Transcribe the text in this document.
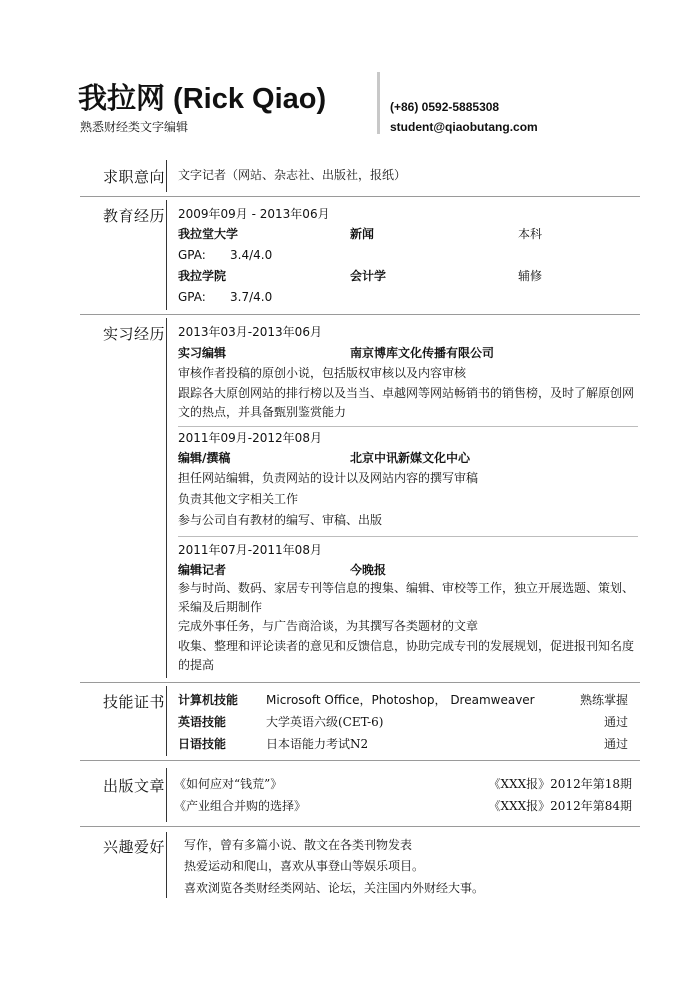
我拉网 (Rick Qiao)
熟悉财经类文字编辑
(+86) 0592-5885308
student@qiaobutang.com
求职意向 文字记者（网站、杂志社、出版社，报纸）
教育经历 2009年09月 - 2013年06月
我拉堂大学	新闻	本科
GPA: 3.4/4.0
我拉学院	会计学	辅修
GPA: 3.7/4.0
实习经历 2013年03月-2013年06月
实习编辑	南京博库文化传播有限公司
审核作者投稿的原创小说，包括版权审核以及内容审核
跟踪各大原创网站的排行榜以及当当、卓越网等网站畅销书的销售榜，及时了解原创网文的热点，并具备甄别鉴赏能力
2011年09月-2012年08月
编辑/撰稿	北京中讯新媒文化中心
担任网站编辑，负责网站的设计以及网站内容的撰写审稿
负责其他文字相关工作
参与公司自有教材的编写、审稿、出版
2011年07月-2011年08月
编辑记者	今晚报
参与时尚、数码、家居专刊等信息的搜集、编辑、审校等工作，独立开展选题、策划、采编及后期制作
完成外事任务，与广告商洽谈，为其撰写各类题材的文章
收集、整理和评论读者的意见和反馈信息，协助完成专刊的发展规划，促进报刊知名度的提高
技能证书 计算机技能 Microsoft Office，Photoshop， Dreamweaver	熟练掌握
英语技能	大学英语六级(CET-6)	通过
日语技能	日本语能力考试N2	通过
出版文章 《如何应对“钱荒”》	《XXX报》2012年第18期
《产业组合并购的选择》	《XXX报》2012年第84期
兴趣爱好 写作，曾有多篇小说、散文在各类刊物发表
热爱运动和爬山，喜欢从事登山等娱乐项目。
喜欢浏览各类财经类网站、论坛，关注国内外财经大事。
